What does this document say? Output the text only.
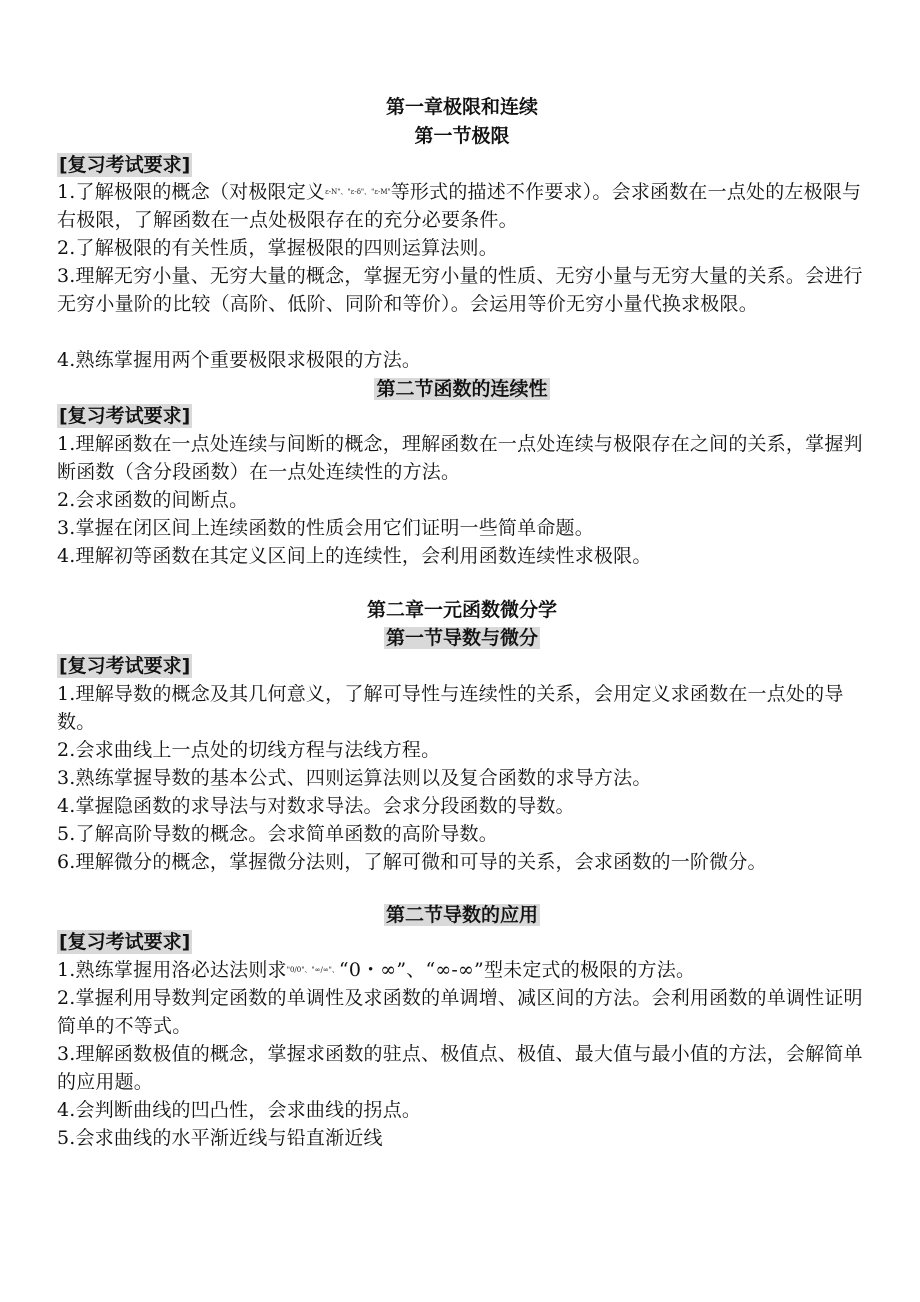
第一章极限和连续
第一节极限
[复习考试要求]
1.了解极限的概念（对极限定义$^{\varepsilon-N"、"\varepsilon-\delta"、"\varepsilon-M"}$等形式的描述不作要求）。会求函数在一点处的左极限与右极限，了解函数在一点处极限存在的充分必要条件。
2.了解极限的有关性质，掌握极限的四则运算法则。
3.理解无穷小量、无穷大量的概念，掌握无穷小量的性质、无穷小量与无穷大量的关系。会进行无穷小量阶的比较（高阶、低阶、同阶和等价）。会运用等价无穷小量代换求极限。
4.熟练掌握用两个重要极限求极限的方法。
第二节函数的连续性
[复习考试要求]
1.理解函数在一点处连续与间断的概念，理解函数在一点处连续与极限存在之间的关系，掌握判断函数（含分段函数）在一点处连续性的方法。
2.会求函数的间断点。
3.掌握在闭区间上连续函数的性质会用它们证明一些简单命题。
4.理解初等函数在其定义区间上的连续性，会利用函数连续性求极限。
第二章一元函数微分学
第一节导数与微分
[复习考试要求]
1.理解导数的概念及其几何意义，了解可导性与连续性的关系，会用定义求函数在一点处的导数。
2.会求曲线上一点处的切线方程与法线方程。
3.熟练掌握导数的基本公式、四则运算法则以及复合函数的求导方法。
4.掌握隐函数的求导法与对数求导法。会求分段函数的导数。
5.了解高阶导数的概念。会求简单函数的高阶导数。
6.理解微分的概念，掌握微分法则，了解可微和可导的关系，会求函数的一阶微分。
第二节导数的应用
[复习考试要求]
1.熟练掌握用洛必达法则求$^{"0/0"、"\infty/\infty"、}$“0・∞”、“∞-∞”型未定式的极限的方法。
2.掌握利用导数判定函数的单调性及求函数的单调增、减区间的方法。会利用函数的单调性证明简单的不等式。
3.理解函数极值的概念，掌握求函数的驻点、极值点、极值、最大值与最小值的方法，会解简单的应用题。
4.会判断曲线的凹凸性，会求曲线的拐点。
5.会求曲线的水平渐近线与铅直渐近线
